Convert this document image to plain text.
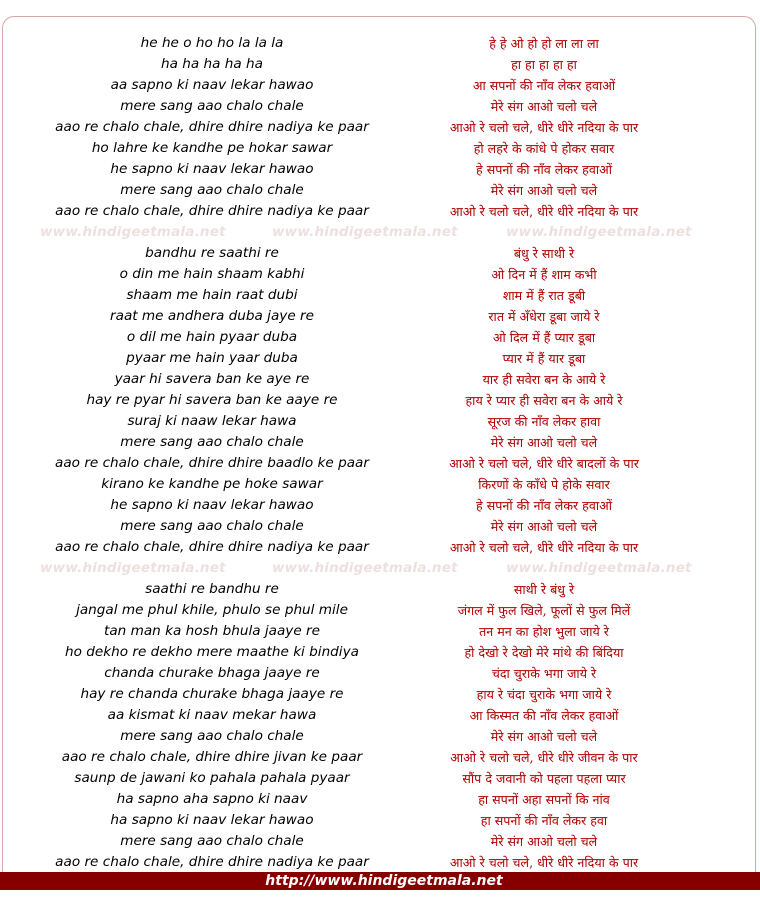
he he o ho ho la la la	हे हे ओ हो हो ला ला ला
ha ha ha ha ha	हा हा हा हा हा
aa sapno ki naav lekar hawao	आ सपनों की नाँव लेकर हवाओं
mere sang aao chalo chale	मेरे संग आओ चलो चले
aao re chalo chale, dhire dhire nadiya ke paar	आओ रे चलो चले, धीरे धीरे नदिया के पार
ho lahre ke kandhe pe hokar sawar	हो लहरे के कांधे पे होकर सवार
he sapno ki naav lekar hawao	हे सपनों की नाँव लेकर हवाओं
mere sang aao chalo chale	मेरे संग आओ चलो चले
aao re chalo chale, dhire dhire nadiya ke paar	आओ रे चलो चले, धीरे धीरे नदिया के पार
www.hindigeetmala.net	www.hindigeetmala.net	www.hindigeetmala.net
bandhu re saathi re	बंधु रे साथी रे
o din me hain shaam kabhi	ओ दिन में हैं शाम कभी
shaam me hain raat dubi	शाम में हैं रात डूबी
raat me andhera duba jaye re	रात में अँधेरा डूबा जाये रे
o dil me hain pyaar duba	ओ दिल में हैं प्यार डूबा
pyaar me hain yaar duba	प्यार में हैं यार डूबा
yaar hi savera ban ke aye re	यार ही सवेरा बन के आये रे
hay re pyar hi savera ban ke aaye re	हाय रे प्यार ही सवेरा बन के आये रे
suraj ki naaw lekar hawa	सूरज की नाँव लेकर हावा
mere sang aao chalo chale	मेरे संग आओ चलो चले
aao re chalo chale, dhire dhire baadlo ke paar	आओ रे चलो चले, धीरे धीरे बादलों के पार
kirano ke kandhe pe hoke sawar	किरणों के काँधे पे होके सवार
he sapno ki naav lekar hawao	हे सपनों की नाँव लेकर हवाओं
mere sang aao chalo chale	मेरे संग आओ चलो चले
aao re chalo chale, dhire dhire nadiya ke paar	आओ रे चलो चले, धीरे धीरे नदिया के पार
www.hindigeetmala.net	www.hindigeetmala.net	www.hindigeetmala.net
saathi re bandhu re	साथी रे बंधु रे
jangal me phul khile, phulo se phul mile	जंगल में फुल खिले, फूलों से फुल मिलें
tan man ka hosh bhula jaaye re	तन मन का होश भुला जाये रे
ho dekho re dekho mere maathe ki bindiya	हो देखो रे देखो मेरे मांथे की बिंदिया
chanda churake bhaga jaaye re	चंदा चुराके भगा जाये रे
hay re chanda churake bhaga jaaye re	हाय रे चंदा चुराके भगा जाये रे
aa kismat ki naav mekar hawa	आ किस्मत की नाँव लेकर हवाओं
mere sang aao chalo chale	मेरे संग आओ चलो चले
aao re chalo chale, dhire dhire jivan ke paar	आओ रे चलो चले, धीरे धीरे जीवन के पार
saunp de jawani ko pahala pahala pyaar	सौंप दे जवानी को पहला पहला प्यार
ha sapno aha sapno ki naav	हा सपनों अहा सपनों कि नांव
ha sapno ki naav lekar hawao	हा सपनों की नाँव लेकर हवा
mere sang aao chalo chale	मेरे संग आओ चलो चले
aao re chalo chale, dhire dhire nadiya ke paar	आओ रे चलो चले, धीरे धीरे नदिया के पार
http://www.hindigeetmala.net
